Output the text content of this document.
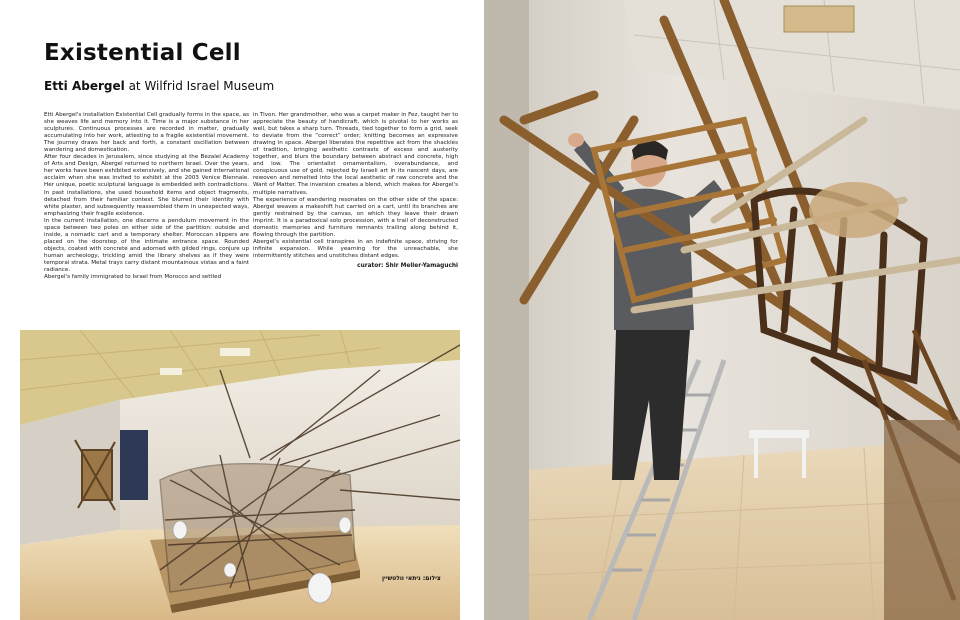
Existential Cell

Etti Abergel at Wilfrid Israel Museum

Etti Abergel's installation Existential Cell gradually forms in the space, as she weaves life and memory into it. Time is a major substance in her sculptures. Continuous processes are recorded in matter, gradually accumulating into her work, attesting to a fragile existential movement. The journey draws her back and forth, a constant oscillation between wandering and domestication.

After four decades in Jerusalem, since studying at the Bezalel Academy of Arts and Design, Abergel returned to northern Israel. Over the years, her works have been exhibited extensively, and she gained international acclaim when she was invited to exhibit at the 2003 Venice Biennale. Her unique, poetic sculptural language is embedded with contradictions. In past installations, she used household items and object fragments, detached from their familiar context. She blurred their identity with white plaster, and subsequently reassembled them in unexpected ways, emphasizing their fragile existence.

In the current installation, one discerns a pendulum movement in the space between two poles on either side of the partition: outside and inside, a nomadic cart and a temporary shelter. Moroccan slippers are placed on the doorstep of the intimate entrance space. Rounded objects, coated with concrete and adorned with gilded rings, conjure up human archeology, trickling amid the library shelves as if they were temporal strata. Metal trays carry distant mountainous vistas and a faint radiance.

Abergel's family immigrated to Israel from Morocco and settled

in Tivon. Her grandmother, who was a carpet maker in Fez, taught her to appreciate the beauty of handicraft, which is pivotal to her works as well, but takes a sharp turn. Threads, tied together to form a grid, seek to deviate from the “correct” order; knitting becomes an expressive drawing in space. Abergel liberates the repetitive act from the shackles of tradition, bringing aesthetic contrasts of excess and austerity together, and blurs the boundary between abstract and concrete, high and low. The orientalist ornamentalism, overabundance, and conspicuous use of gold, rejected by Israeli art in its nascent days, are rewoven and remelted into the local aesthetic of raw concrete and the Want of Matter. The inversion creates a blend, which makes for Abergel's multiple narratives.

The experience of wandering resonates on the other side of the space: Abergel weaves a makeshift hut carried on a cart, until its branches are gently restrained by the canvas, on which they leave their drawn imprint. It is a paradoxical solo procession, with a trail of deconstructed domestic memories and furniture remnants trailing along behind it, flowing through the partition.

Abergel's existential cell transpires in an indefinite space, striving for infinite expansion. While yearning for the unreachable, she intermittently stitches and unstitches distant edges.

curator: Shir Meller-Yamaguchi

צילום: ניתאי וולטשיין
